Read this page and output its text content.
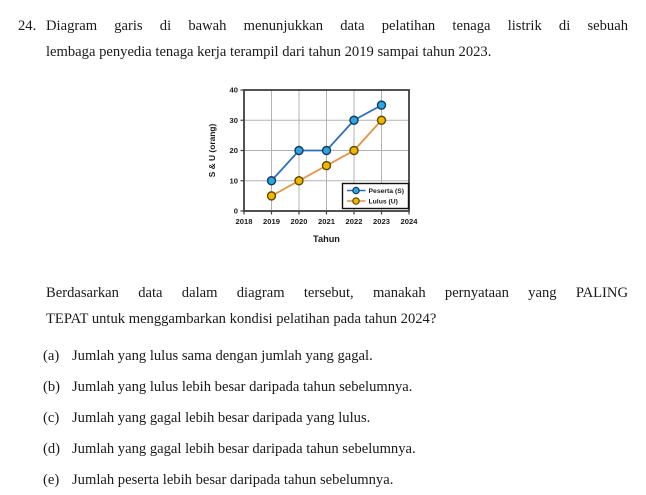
24. Diagram garis di bawah menunjukkan data pelatihan tenaga listrik di sebuah
lembaga penyedia tenaga kerja terampil dari tahun 2019 sampai tahun 2023.
0
10
20
30
40
2018 2019 2020 2021 2022 2023 2024
Tahun
S & U (orang)
Peserta (S)
Lulus (U)
Berdasarkan data dalam diagram tersebut, manakah pernyataan yang PALING
TEPAT untuk menggambarkan kondisi pelatihan pada tahun 2024?
(a) Jumlah yang lulus sama dengan jumlah yang gagal.
(b) Jumlah yang lulus lebih besar daripada tahun sebelumnya.
(c) Jumlah yang gagal lebih besar daripada yang lulus.
(d) Jumlah yang gagal lebih besar daripada tahun sebelumnya.
(e) Jumlah peserta lebih besar daripada tahun sebelumnya.
